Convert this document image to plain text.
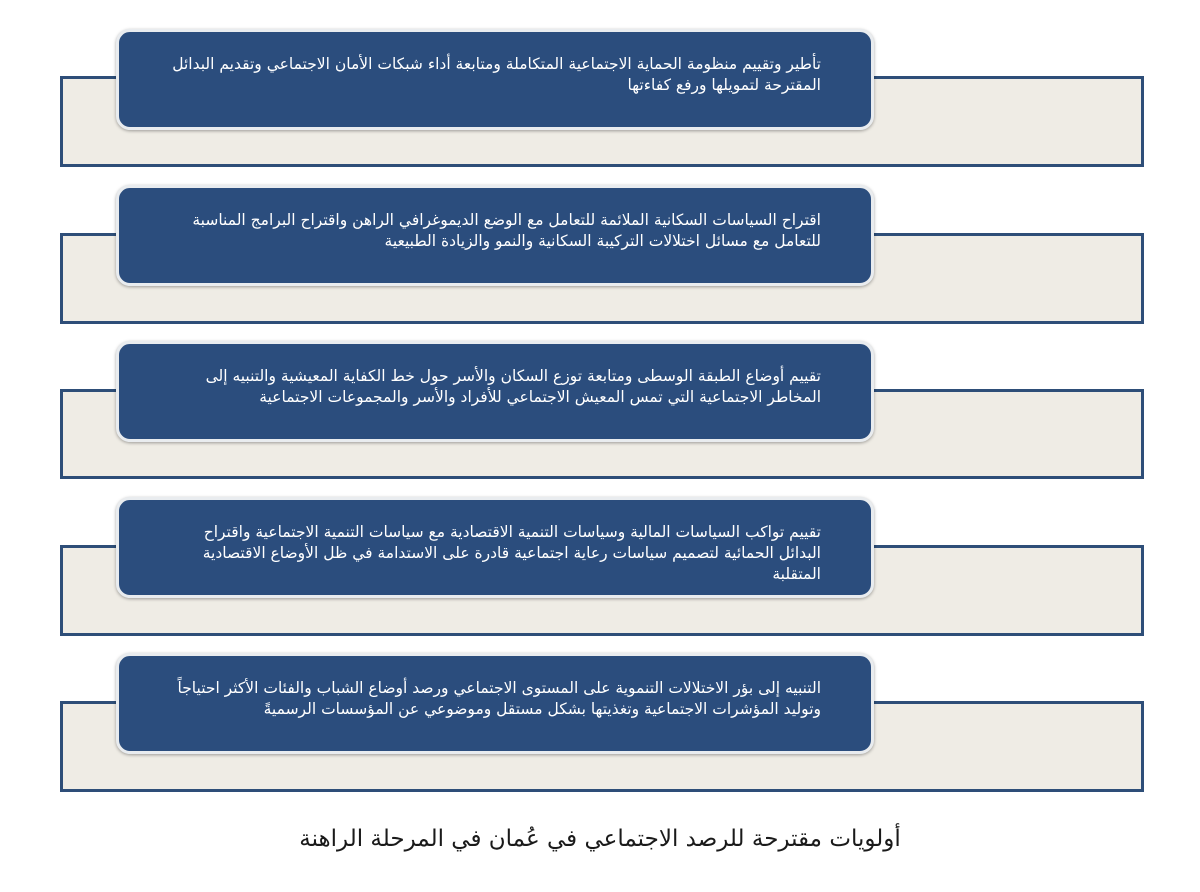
تأطير وتقييم منظومة الحماية الاجتماعية المتكاملة ومتابعة أداء شبكات الأمان الاجتماعي وتقديم البدائل المقترحة لتمويلها ورفع كفاءتها
اقتراح السياسات السكانية الملائمة للتعامل مع الوضع الديموغرافي الراهن واقتراح البرامج المناسبة للتعامل مع مسائل اختلالات التركيبة السكانية والنمو والزيادة الطبيعية
تقييم أوضاع الطبقة الوسطى ومتابعة توزع السكان والأسر حول خط الكفاية المعيشية والتنبيه إلى المخاطر الاجتماعية التي تمس المعيش الاجتماعي للأفراد والأسر والمجموعات الاجتماعية
تقييم تواكب السياسات المالية وسياسات التنمية الاقتصادية مع سياسات التنمية الاجتماعية واقتراح البدائل الحمائية لتصميم سياسات رعاية اجتماعية قادرة على الاستدامة في ظل الأوضاع الاقتصادية المتقلبة
التنبيه إلى بؤر الاختلالات التنموية على المستوى الاجتماعي ورصد أوضاع الشباب والفئات الأكثر احتياجاً وتوليد المؤشرات الاجتماعية وتغذيتها بشكل مستقل وموضوعي عن المؤسسات الرسميةً
أولويات مقترحة للرصد الاجتماعي في عُمان في المرحلة الراهنة
